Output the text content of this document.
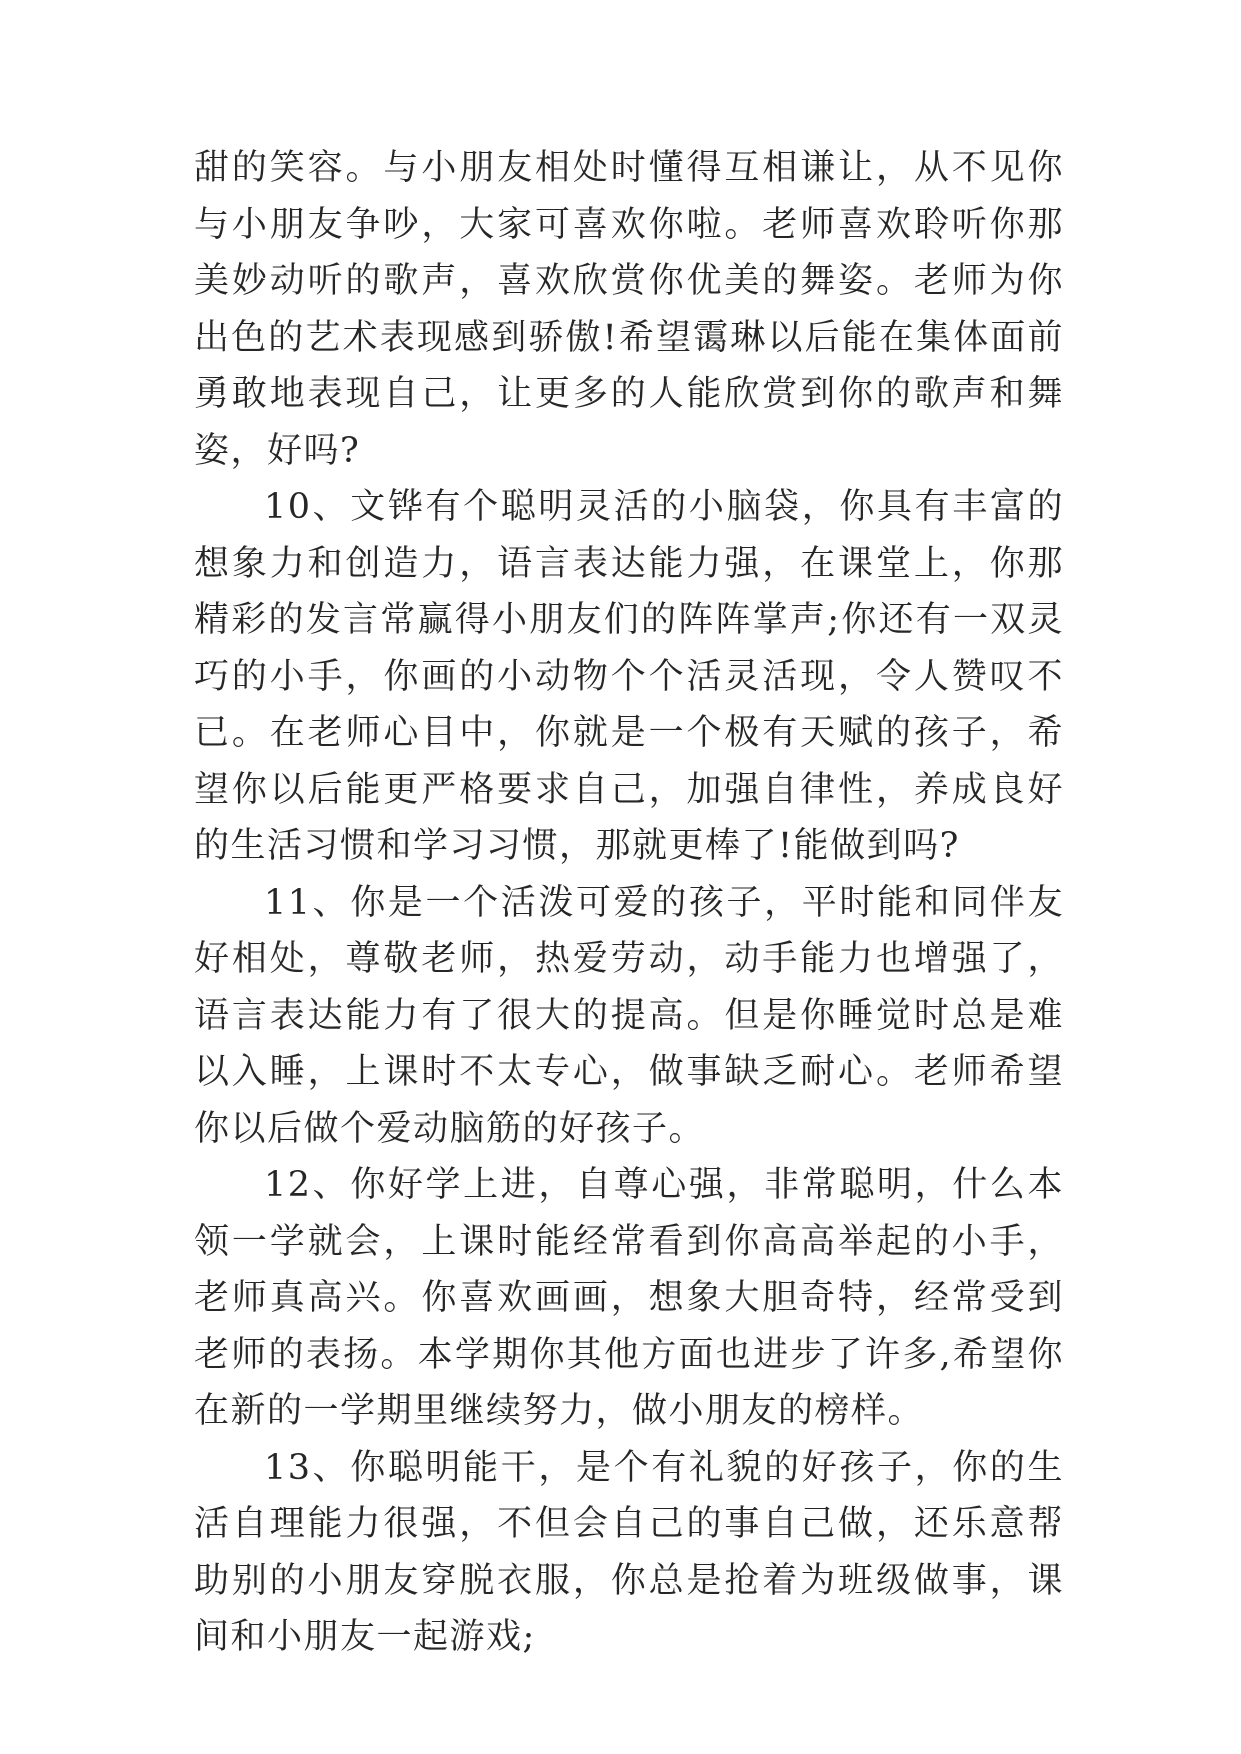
甜的笑容。与小朋友相处时懂得互相谦让，从不见你与小朋友争吵，大家可喜欢你啦。老师喜欢聆听你那美妙动听的歌声，喜欢欣赏你优美的舞姿。老师为你出色的艺术表现感到骄傲!希望霭琳以后能在集体面前勇敢地表现自己，让更多的人能欣赏到你的歌声和舞姿，好吗?

10、文铧有个聪明灵活的小脑袋，你具有丰富的想象力和创造力，语言表达能力强，在课堂上，你那精彩的发言常赢得小朋友们的阵阵掌声;你还有一双灵巧的小手，你画的小动物个个活灵活现，令人赞叹不已。在老师心目中，你就是一个极有天赋的孩子，希望你以后能更严格要求自己，加强自律性，养成良好的生活习惯和学习习惯，那就更棒了!能做到吗?

11、你是一个活泼可爱的孩子，平时能和同伴友好相处，尊敬老师，热爱劳动，动手能力也增强了，语言表达能力有了很大的提高。但是你睡觉时总是难以入睡，上课时不太专心，做事缺乏耐心。老师希望你以后做个爱动脑筋的好孩子。

12、你好学上进，自尊心强，非常聪明，什么本领一学就会，上课时能经常看到你高高举起的小手，老师真高兴。你喜欢画画，想象大胆奇特，经常受到老师的表扬。本学期你其他方面也进步了许多,希望你在新的一学期里继续努力，做小朋友的榜样。

13、你聪明能干，是个有礼貌的好孩子，你的生活自理能力很强，不但会自己的事自己做，还乐意帮助别的小朋友穿脱衣服，你总是抢着为班级做事，课间和小朋友一起游戏;
